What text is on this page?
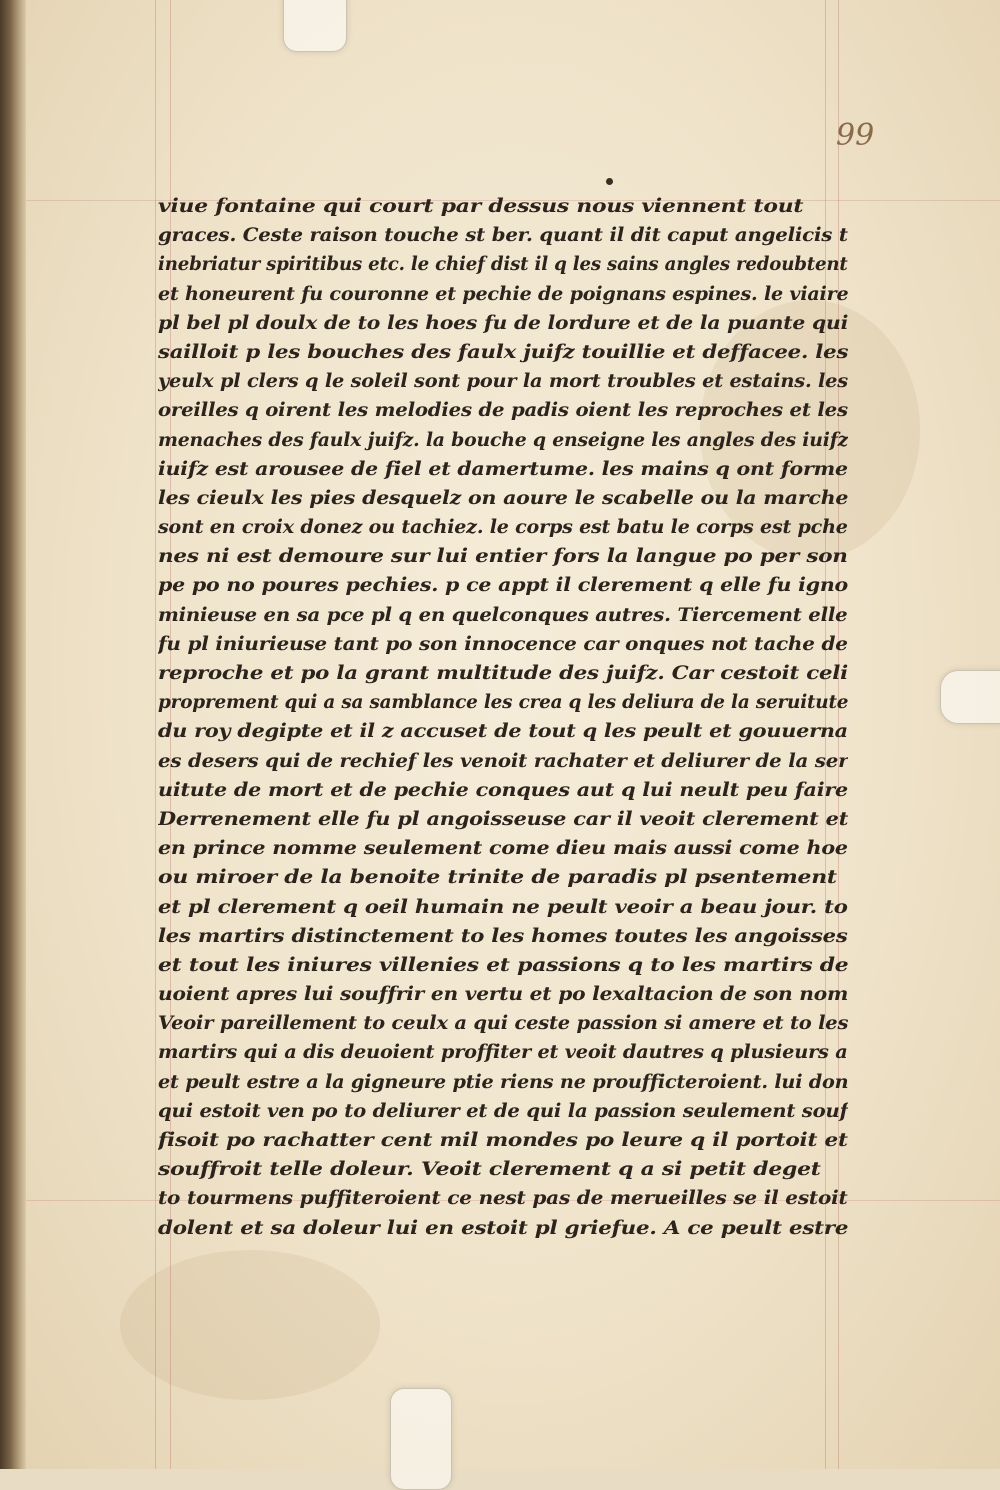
99
viue fontaine qui court par dessus nous viennent tout
graces. Ceste raison touche st ber. quant il dit caput angelicis t
inebriatur spiritibus etc. le chief dist il q les sains angles redoubtent
et honeurent fu couronne et pechie de poignans espines. le viaire
pl bel pl doulx de to les hoes fu de lordure et de la puante qui
sailloit p les bouches des faulx juifz touillie et deffacee. les
yeulx pl clers q le soleil sont pour la mort troubles et estains. les
oreilles q oirent les melodies de padis oient les reproches et les
menaches des faulx juifz. la bouche q enseigne les angles des iuifz
iuifz est arousee de fiel et damertume. les mains q ont forme
les cieulx les pies desquelz on aoure le scabelle ou la marche
sont en croix donez ou tachiez. le corps est batu le corps est pche
nes ni est demoure sur lui entier fors la langue po per son
pe po no poures pechies. p ce appt il clerement q elle fu igno
minieuse en sa pce pl q en quelconques autres. Tiercement elle
fu pl iniurieuse tant po son innocence car onques not tache de
reproche et po la grant multitude des juifz. Car cestoit celi
proprement qui a sa samblance les crea q les deliura de la seruitute
du roy degipte et il z accuset de tout q les peult et gouuerna
es desers qui de rechief les venoit rachater et deliurer de la ser
uitute de mort et de pechie conques aut q lui neult peu faire
Derrenement elle fu pl angoisseuse car il veoit clerement et
en prince nomme seulement come dieu mais aussi come hoe
ou miroer de la benoite trinite de paradis pl psentement
et pl clerement q oeil humain ne peult veoir a beau jour. to
les martirs distinctement to les homes toutes les angoisses
et tout les iniures villenies et passions q to les martirs de
uoient apres lui souffrir en vertu et po lexaltacion de son nom
Veoir pareillement to ceulx a qui ceste passion si amere et to les
martirs qui a dis deuoient proffiter et veoit dautres q plusieurs a
et peult estre a la gigneure ptie riens ne proufficteroient. lui don
qui estoit ven po to deliurer et de qui la passion seulement souf
fisoit po rachatter cent mil mondes po leure q il portoit et
souffroit telle doleur. Veoit clerement q a si petit deget
to tourmens puffiteroient ce nest pas de merueilles se il estoit
dolent et sa doleur lui en estoit pl griefue. A ce peult estre
